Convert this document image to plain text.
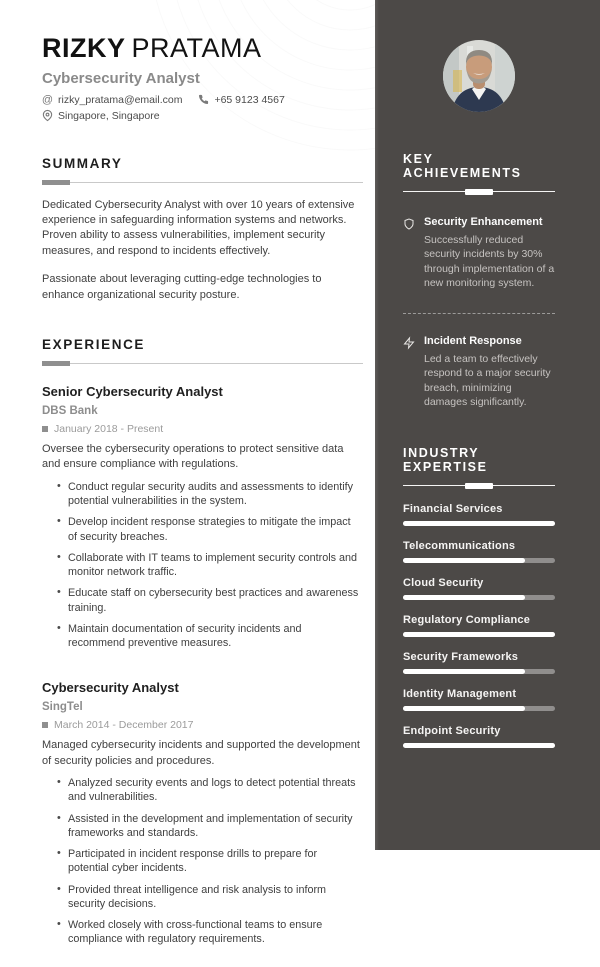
RIZKY PRATAMA
Cybersecurity Analyst
@ rizky_pratama@email.com	+65 9123 4567
Singapore, Singapore
SUMMARY

Dedicated Cybersecurity Analyst with over 10 years of extensive experience in safeguarding information systems and networks. Proven ability to assess vulnerabilities, implement security measures, and respond to incidents effectively.

Passionate about leveraging cutting-edge technologies to enhance organizational security posture.

EXPERIENCE
Senior Cybersecurity Analyst
DBS Bank
January 2018 - Present
Oversee the cybersecurity operations to protect sensitive data and ensure compliance with regulations.
• Conduct regular security audits and assessments to identify potential vulnerabilities in the system.
• Develop incident response strategies to mitigate the impact of security breaches.
• Collaborate with IT teams to implement security controls and monitor network traffic.
• Educate staff on cybersecurity best practices and awareness training.
• Maintain documentation of security incidents and recommend preventive measures.
Cybersecurity Analyst
SingTel
March 2014 - December 2017
Managed cybersecurity incidents and supported the development of security policies and procedures.
• Analyzed security events and logs to detect potential threats and vulnerabilities.
• Assisted in the development and implementation of security frameworks and standards.
• Participated in incident response drills to prepare for potential cyber incidents.
• Provided threat intelligence and risk analysis to inform security decisions.
• Worked closely with cross-functional teams to ensure compliance with regulatory requirements.
KEY ACHIEVEMENTS
Security Enhancement
Successfully reduced security incidents by 30% through implementation of a new monitoring system.
Incident Response
Led a team to effectively respond to a major security breach, minimizing damages significantly.
INDUSTRY EXPERTISE
Financial Services
Telecommunications
Cloud Security
Regulatory Compliance
Security Frameworks
Identity Management
Endpoint Security
